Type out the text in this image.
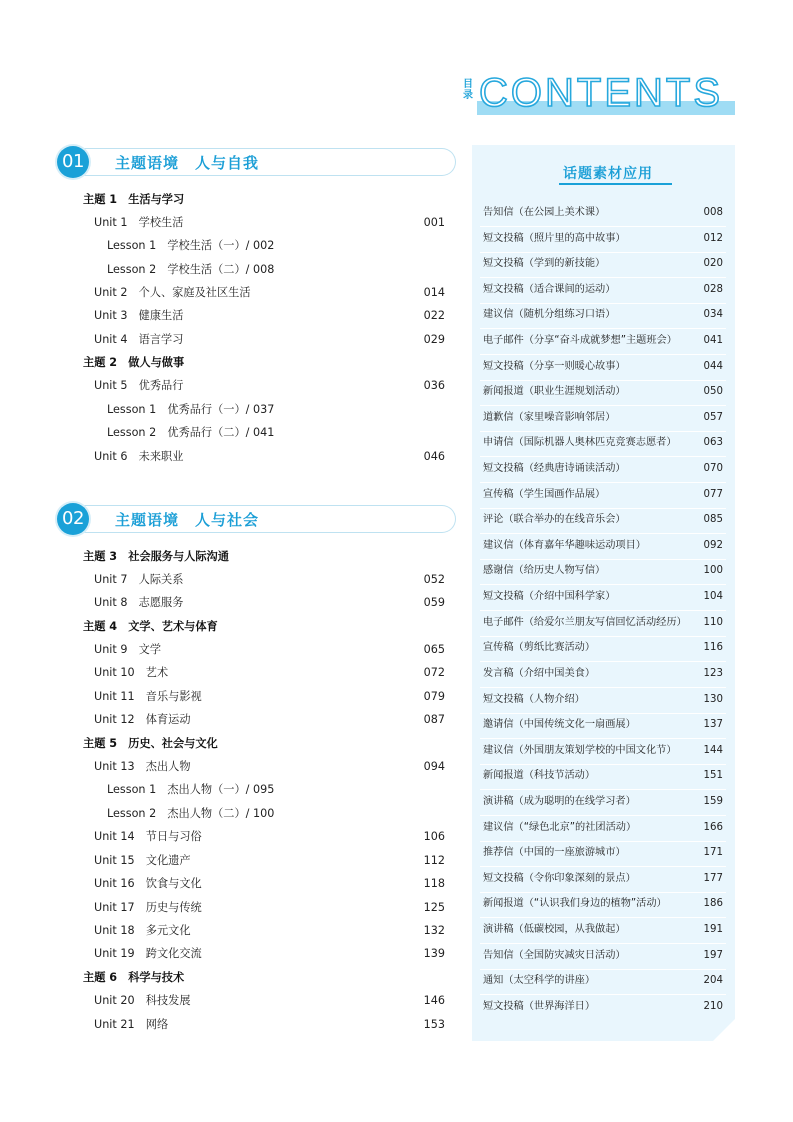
目录 CONTENTS
01	主题语境 人与自我
02	主题语境 人与社会
主题 1　生活与学习
Unit 1　学校生活	001
Lesson 1　学校生活（一）/ 002
Lesson 2　学校生活（二）/ 008
Unit 2　个人、家庭及社区生活	014
Unit 3　健康生活	022
Unit 4　语言学习	029
主题 2　做人与做事
Unit 5　优秀品行	036
Lesson 1　优秀品行（一）/ 037
Lesson 2　优秀品行（二）/ 041
Unit 6　未来职业	046
主题 3　社会服务与人际沟通
Unit 7　人际关系	052
Unit 8　志愿服务	059
主题 4　文学、艺术与体育
Unit 9　文学	065
Unit 10　艺术	072
Unit 11　音乐与影视	079
Unit 12　体育运动	087
主题 5　历史、社会与文化
Unit 13　杰出人物	094
Lesson 1　杰出人物（一）/ 095
Lesson 2　杰出人物（二）/ 100
Unit 14　节日与习俗	106
Unit 15　文化遗产	112
Unit 16　饮食与文化	118
Unit 17　历史与传统	125
Unit 18　多元文化	132
Unit 19　跨文化交流	139
主题 6　科学与技术
Unit 20　科技发展	146
Unit 21　网络	153
话题素材应用
告知信（在公园上美术课）	008
短文投稿（照片里的高中故事）	012
短文投稿（学到的新技能）	020
短文投稿（适合课间的运动）	028
建议信（随机分组练习口语）	034
电子邮件（分享“奋斗成就梦想”主题班会）	041
短文投稿（分享一则暖心故事）	044
新闻报道（职业生涯规划活动）	050
道歉信（家里噪音影响邻居）	057
申请信（国际机器人奥林匹克竞赛志愿者）	063
短文投稿（经典唐诗诵读活动）	070
宣传稿（学生国画作品展）	077
评论（联合举办的在线音乐会）	085
建议信（体育嘉年华趣味运动项目）	092
感谢信（给历史人物写信）	100
短文投稿（介绍中国科学家）	104
电子邮件（给爱尔兰朋友写信回忆活动经历） 110
宣传稿（剪纸比赛活动）	116
发言稿（介绍中国美食）	123
短文投稿（人物介绍）	130
邀请信（中国传统文化一扇画展）	137
建议信（外国朋友策划学校的中国文化节）	144
新闻报道（科技节活动）	151
演讲稿（成为聪明的在线学习者）	159
建议信（“绿色北京”的社团活动）	166
推荐信（中国的一座旅游城市）	171
短文投稿（令你印象深刻的景点）	177
新闻报道（“认识我们身边的植物”活动）	186
演讲稿（低碳校园，从我做起）	191
告知信（全国防灾减灾日活动）	197
通知（太空科学的讲座）	204
短文投稿（世界海洋日）	210
